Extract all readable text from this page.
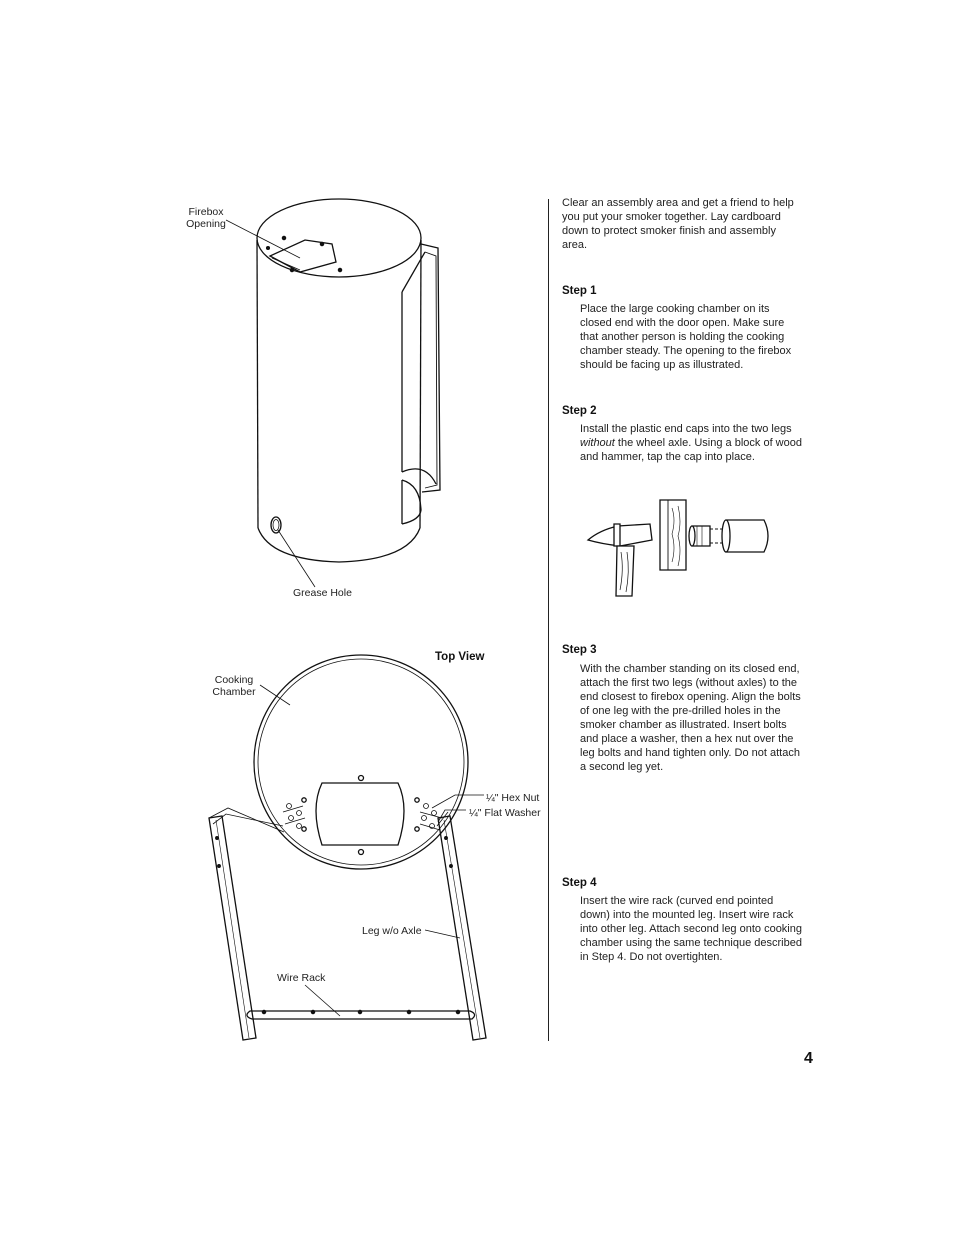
Firebox
Opening
Grease Hole
Top View
Cooking
Chamber
¼" Hex Nut
¼" Flat Washer
Leg w/o Axle
Wire Rack
Clear an assembly area and get a friend to help you put your smoker together. Lay cardboard down to protect smoker finish and assembly area.
Step 1
Place the large cooking chamber on its closed end with the door open. Make sure that another person is holding the cooking chamber steady. The opening to the firebox should be facing up as illustrated.
Step 2
Install the plastic end caps into the two legs without the wheel axle. Using a block of wood and hammer, tap the cap into place.
Step 3
With the chamber standing on its closed end, attach the first two legs (without axles) to the end closest to firebox opening. Align the bolts of one leg with the pre-drilled holes in the smoker chamber as illustrated. Insert bolts and place a washer, then a hex nut over the leg bolts and hand tighten only. Do not attach a second leg yet.
Step 4
Insert the wire rack (curved end pointed down) into the mounted leg. Insert wire rack into other leg. Attach second leg onto cooking chamber using the same technique described in Step 4. Do not overtighten.
4
